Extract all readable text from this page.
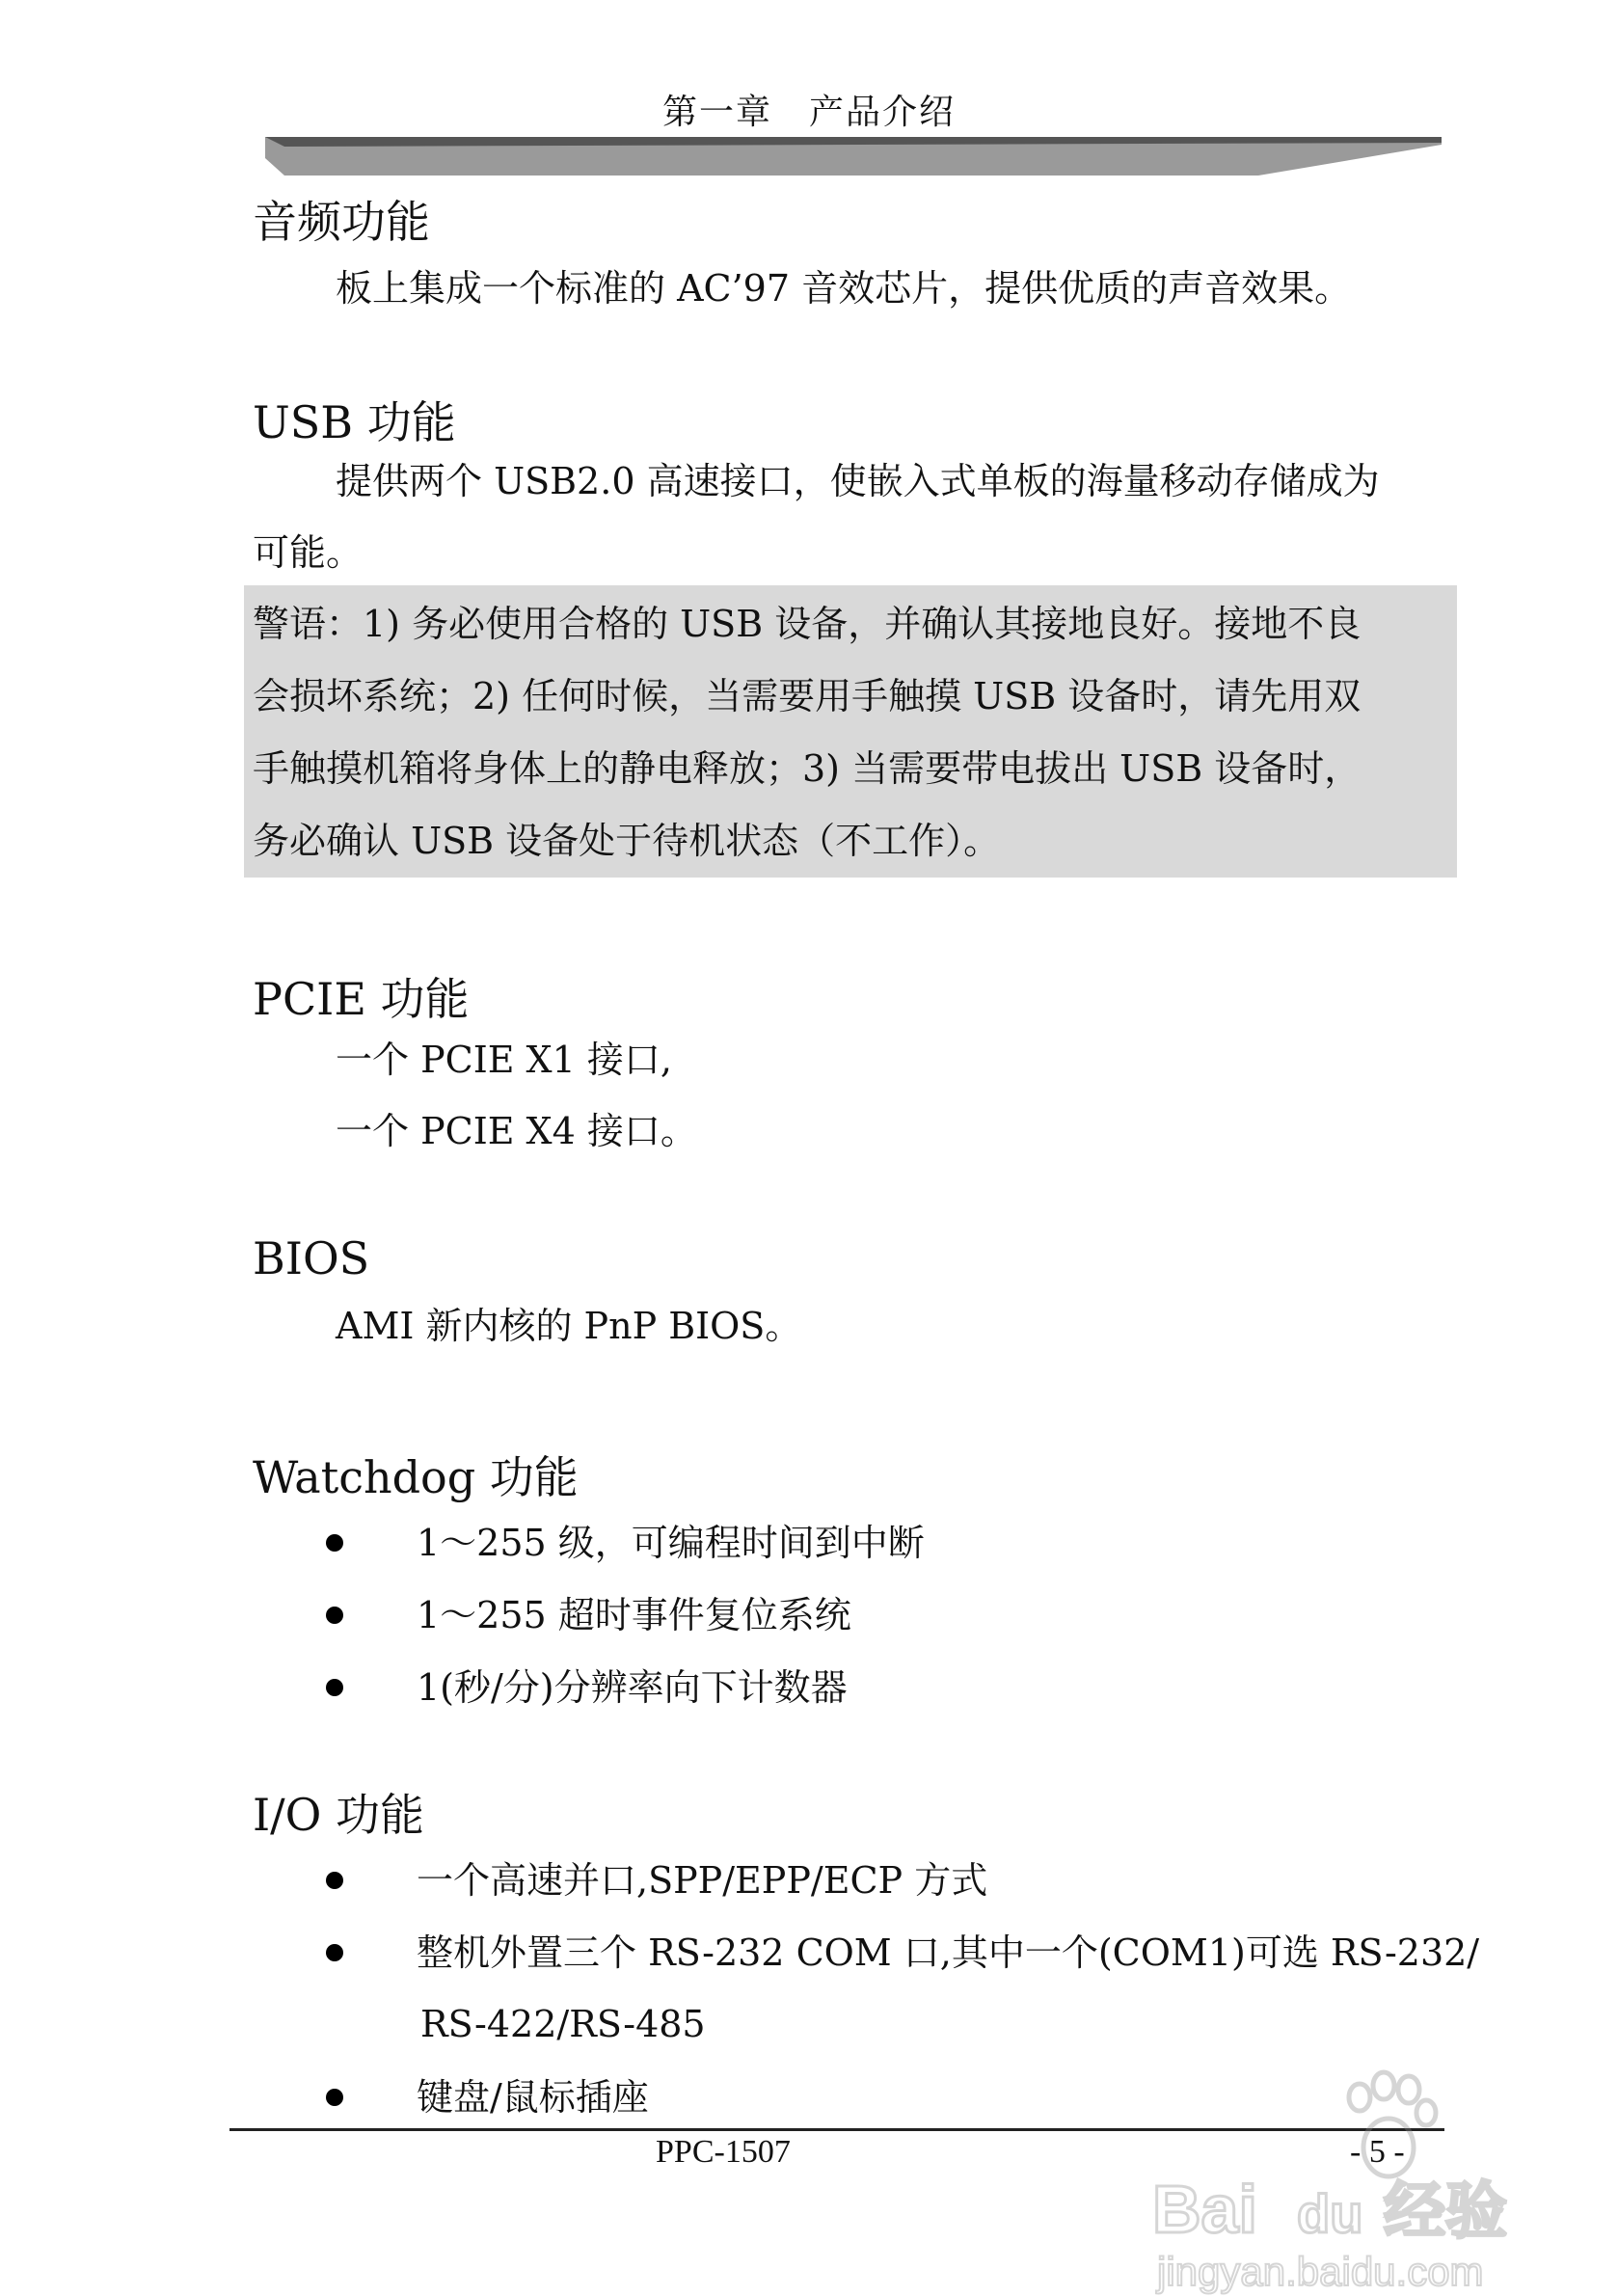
第一章　产品介绍
音频功能
板上集成一个标准的 AC’97 音效芯片，提供优质的声音效果。
USB 功能
提供两个 USB2.0 高速接口，使嵌入式单板的海量移动存储成为
可能。
警语：1) 务必使用合格的 USB 设备，并确认其接地良好。接地不良
会损坏系统；2) 任何时候，当需要用手触摸 USB 设备时，请先用双
手触摸机箱将身体上的静电释放；3) 当需要带电拔出 USB 设备时，
务必确认 USB 设备处于待机状态（不工作）。
PCIE 功能
一个 PCIE X1 接口,
一个 PCIE X4 接口。
BIOS
AMI 新内核的 PnP BIOS。
Watchdog 功能
1～255 级，可编程时间到中断
1～255 超时事件复位系统
1(秒/分)分辨率向下计数器
I/O 功能
一个高速并口,SPP/EPP/ECP 方式
整机外置三个 RS-232 COM 口,其中一个(COM1)可选 RS-232/
RS-422/RS-485
键盘/鼠标插座
PPC-1507	- 5 -
Bai du 经验
jingyan.baidu.com
